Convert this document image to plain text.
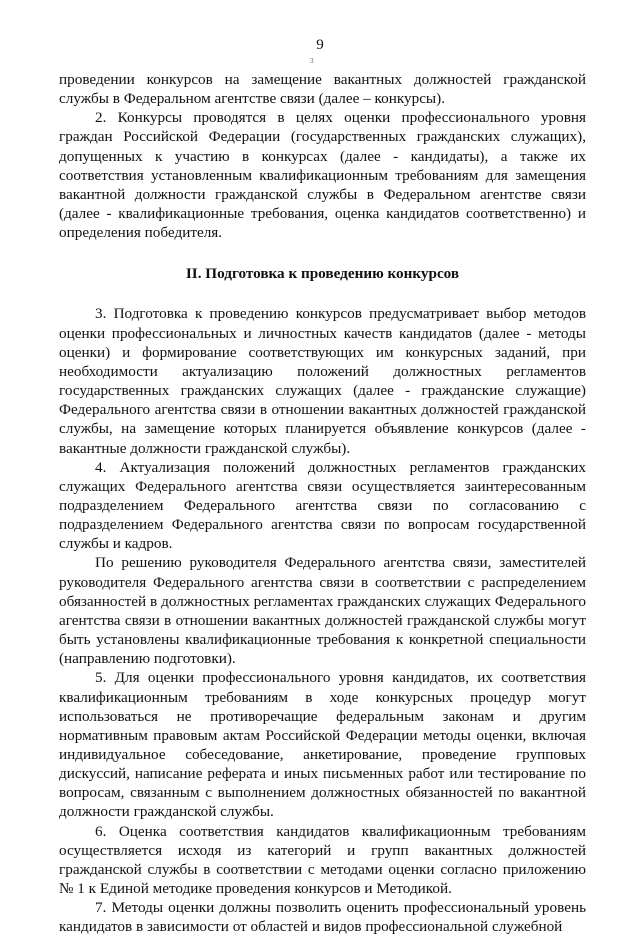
9
3

проведении конкурсов на замещение вакантных должностей гражданской службы в Федеральном агентстве связи (далее – конкурсы).

2. Конкурсы проводятся в целях оценки профессионального уровня граждан Российской Федерации (государственных гражданских служащих), допущенных к участию в конкурсах (далее - кандидаты), а также их соответствия установленным квалификационным требованиям для замещения вакантной должности гражданской службы в Федеральном агентстве связи (далее - квалификационные требования, оценка кандидатов соответственно) и определения победителя.

II. Подготовка к проведению конкурсов

3. Подготовка к проведению конкурсов предусматривает выбор методов оценки профессиональных и личностных качеств кандидатов (далее - методы оценки) и формирование соответствующих им конкурсных заданий, при необходимости актуализацию положений должностных регламентов государственных гражданских служащих (далее - гражданские служащие) Федерального агентства связи в отношении вакантных должностей гражданской службы, на замещение которых планируется объявление конкурсов (далее - вакантные должности гражданской службы).

4. Актуализация положений должностных регламентов гражданских служащих Федерального агентства связи осуществляется заинтересованным подразделением Федерального агентства связи по согласованию с подразделением Федерального агентства связи по вопросам государственной службы и кадров.

По решению руководителя Федерального агентства связи, заместителей руководителя Федерального агентства связи в соответствии с распределением обязанностей в должностных регламентах гражданских служащих Федерального агентства связи в отношении вакантных должностей гражданской службы могут быть установлены квалификационные требования к конкретной специальности (направлению подготовки).

5. Для оценки профессионального уровня кандидатов, их соответствия квалификационным требованиям в ходе конкурсных процедур могут использоваться не противоречащие федеральным законам и другим нормативным правовым актам Российской Федерации методы оценки, включая индивидуальное собеседование, анкетирование, проведение групповых дискуссий, написание реферата и иных письменных работ или тестирование по вопросам, связанным с выполнением должностных обязанностей по вакантной должности гражданской службы.

6. Оценка соответствия кандидатов квалификационным требованиям осуществляется исходя из категорий и групп вакантных должностей гражданской службы в соответствии с методами оценки согласно приложению № 1 к Единой методике проведения конкурсов и Методикой.

7. Методы оценки должны позволить оценить профессиональный уровень кандидатов в зависимости от областей и видов профессиональной служебной
